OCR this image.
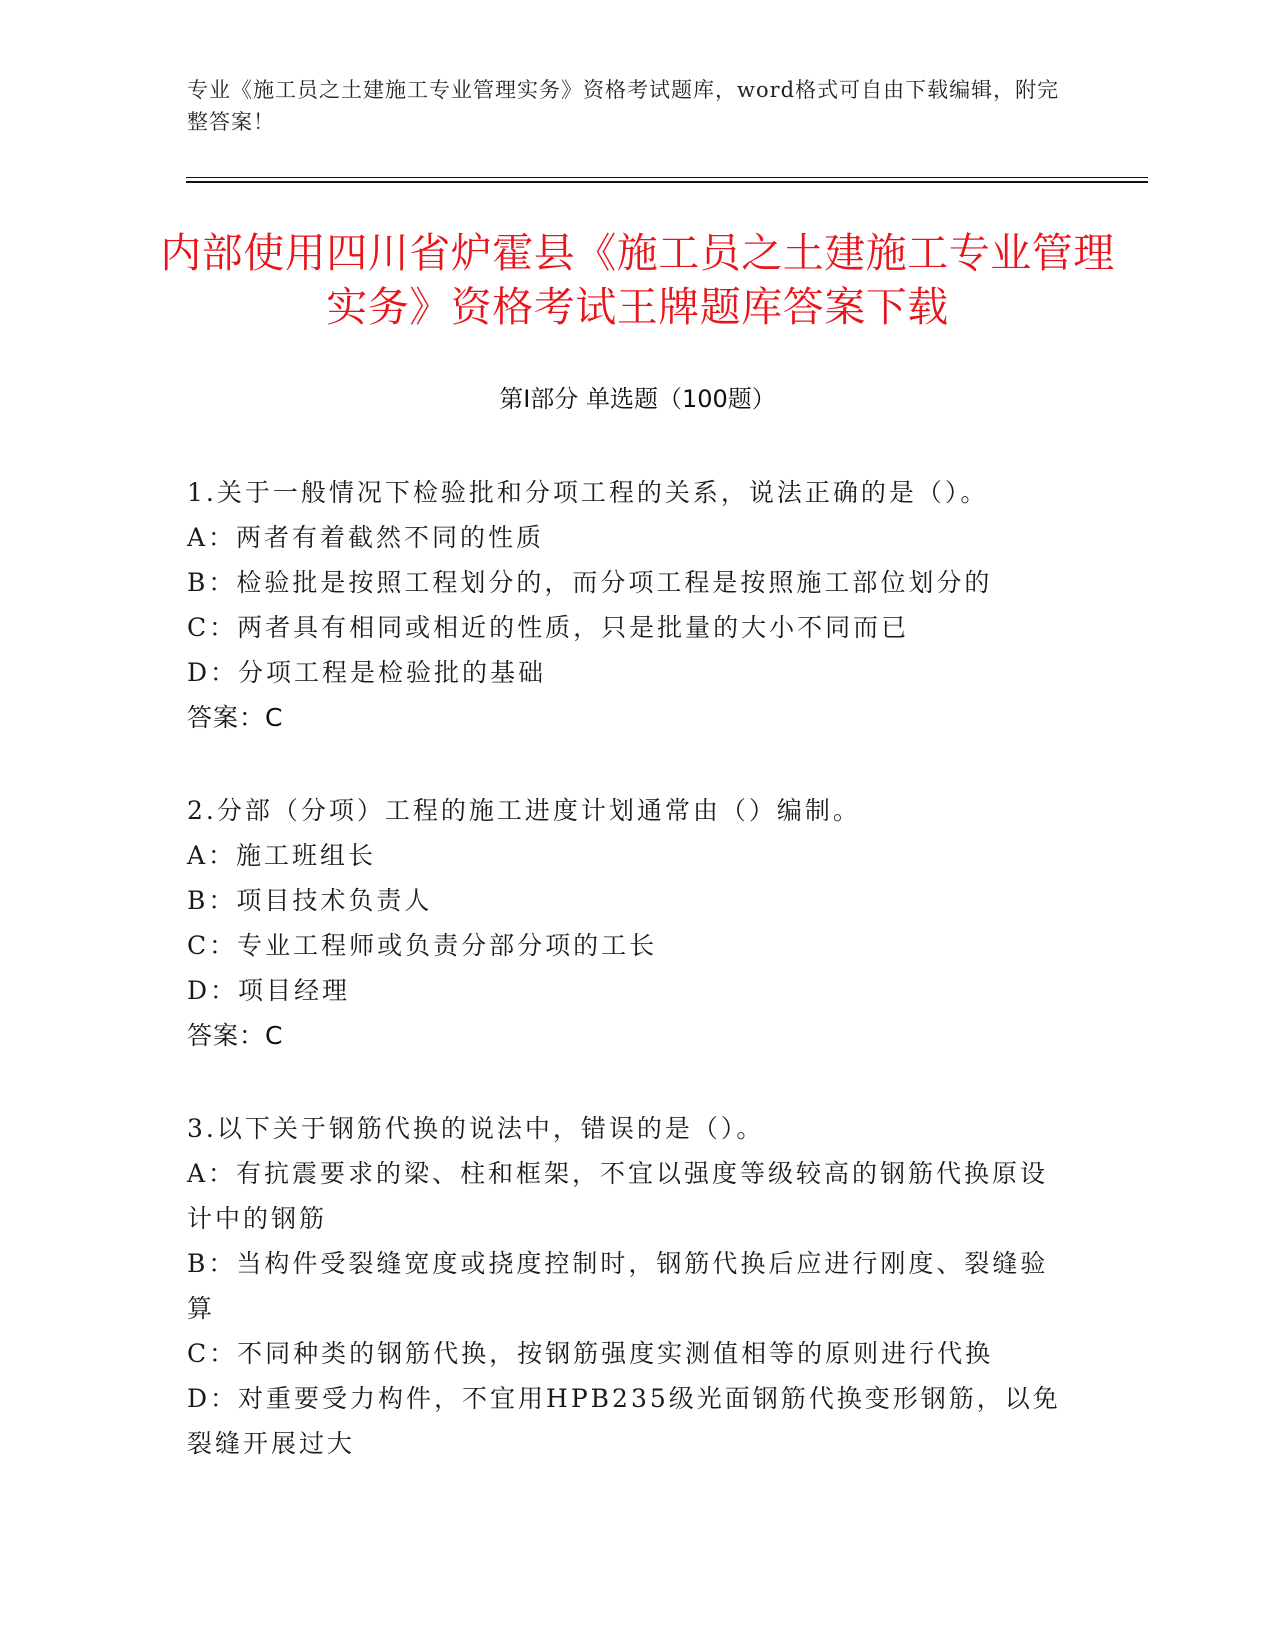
专业《施工员之土建施工专业管理实务》资格考试题库，word格式可自由下载编辑，附完整答案！
内部使用四川省炉霍县《施工员之土建施工专业管理实务》资格考试王牌题库答案下载
第I部分 单选题（100题）
1.关于一般情况下检验批和分项工程的关系，说法正确的是（）。
A：两者有着截然不同的性质
B：检验批是按照工程划分的，而分项工程是按照施工部位划分的
C：两者具有相同或相近的性质，只是批量的大小不同而已
D：分项工程是检验批的基础
答案：C
2.分部（分项）工程的施工进度计划通常由（）编制。
A：施工班组长
B：项目技术负责人
C：专业工程师或负责分部分项的工长
D：项目经理
答案：C
3.以下关于钢筋代换的说法中，错误的是（）。
A：有抗震要求的梁、柱和框架，不宜以强度等级较高的钢筋代换原设计中的钢筋
B：当构件受裂缝宽度或挠度控制时，钢筋代换后应进行刚度、裂缝验算
C：不同种类的钢筋代换，按钢筋强度实测值相等的原则进行代换
D：对重要受力构件，不宜用HPB235级光面钢筋代换变形钢筋，以免裂缝开展过大
